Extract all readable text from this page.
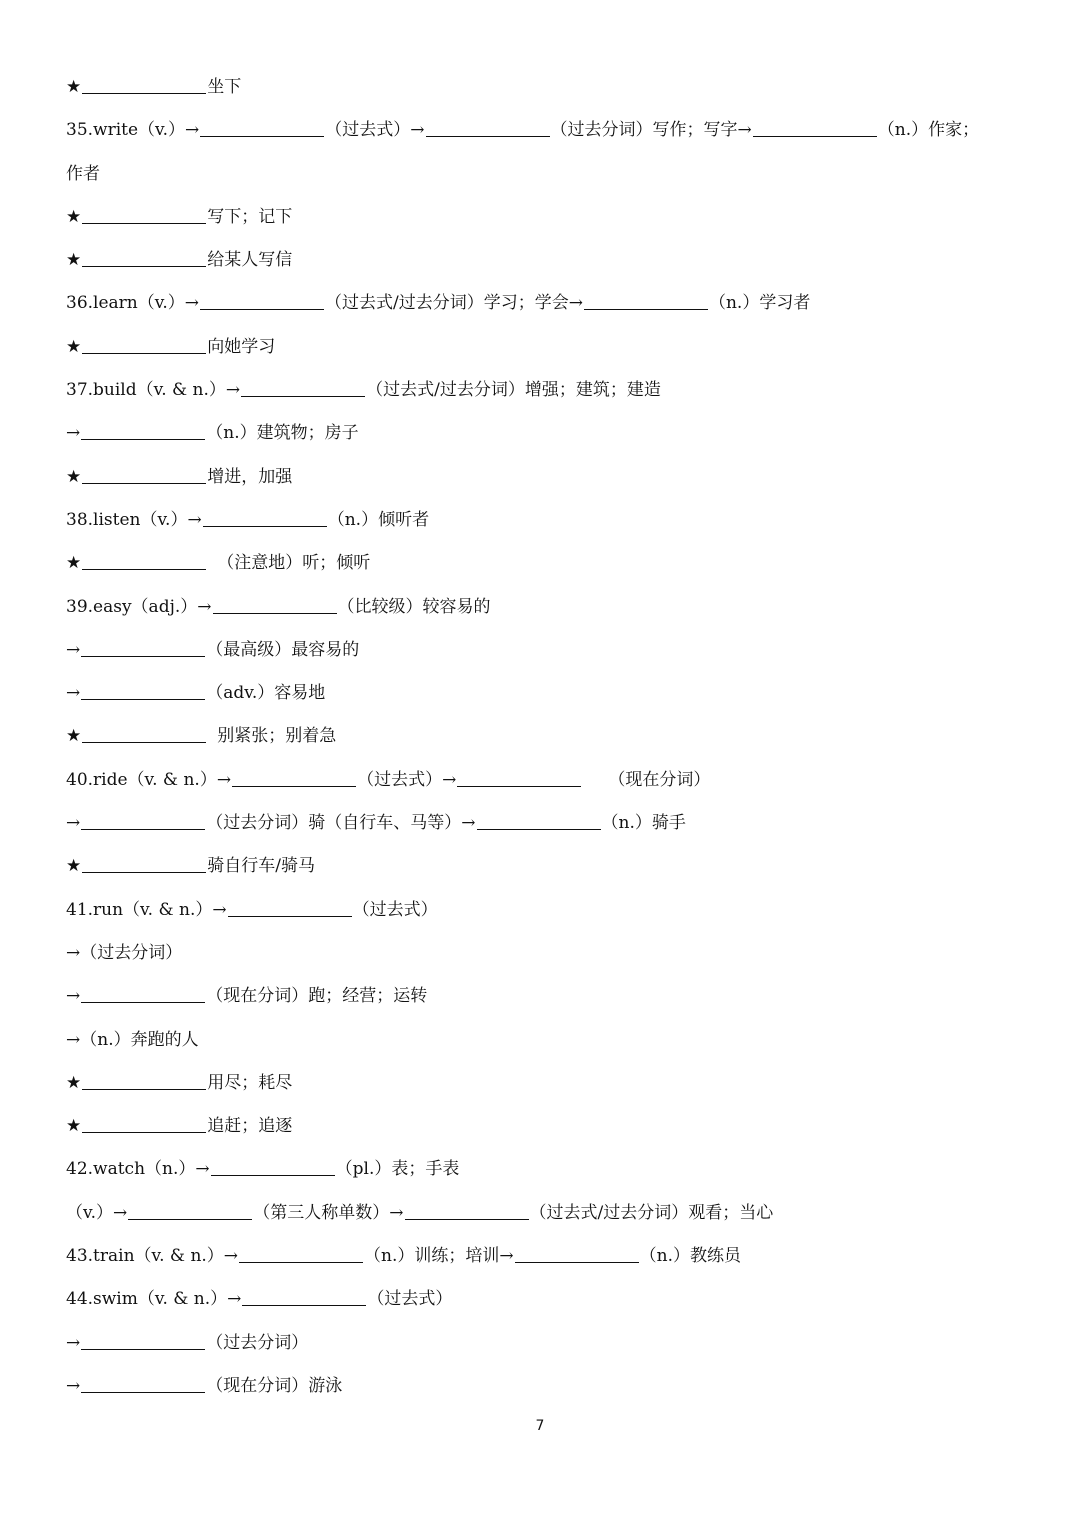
★	坐下
35.write（v.）→	（过去式）→	（过去分词）写作；写字→	（n.）作家；
作者
★	写下；记下
★	给某人写信
36.learn（v.）→	（过去式/过去分词）学习；学会→	（n.）学习者
★	向她学习
37.build（v. & n.）→	（过去式/过去分词）增强；建筑；建造
→	（n.）建筑物；房子
★	增进，加强
38.listen（v.）→	（n.）倾听者
★	（注意地）听；倾听
39.easy（adj.）→	（比较级）较容易的
→	（最高级）最容易的
→	（adv.）容易地
★	别紧张；别着急
40.ride（v. & n.）→	（过去式）→	（现在分词）
→	（过去分词）骑（自行车、马等）→	（n.）骑手
★	骑自行车/骑马
41.run（v. & n.）→	（过去式）
→（过去分词）
→	（现在分词）跑；经营；运转
→（n.）奔跑的人
★	用尽；耗尽
★	追赶；追逐
42.watch（n.）→	（pl.）表；手表
（v.）→	（第三人称单数）→	（过去式/过去分词）观看；当心
43.train（v. & n.）→	（n.）训练；培训→	（n.）教练员
44.swim（v. & n.）→	（过去式）
→	（过去分词）
→	（现在分词）游泳
7
